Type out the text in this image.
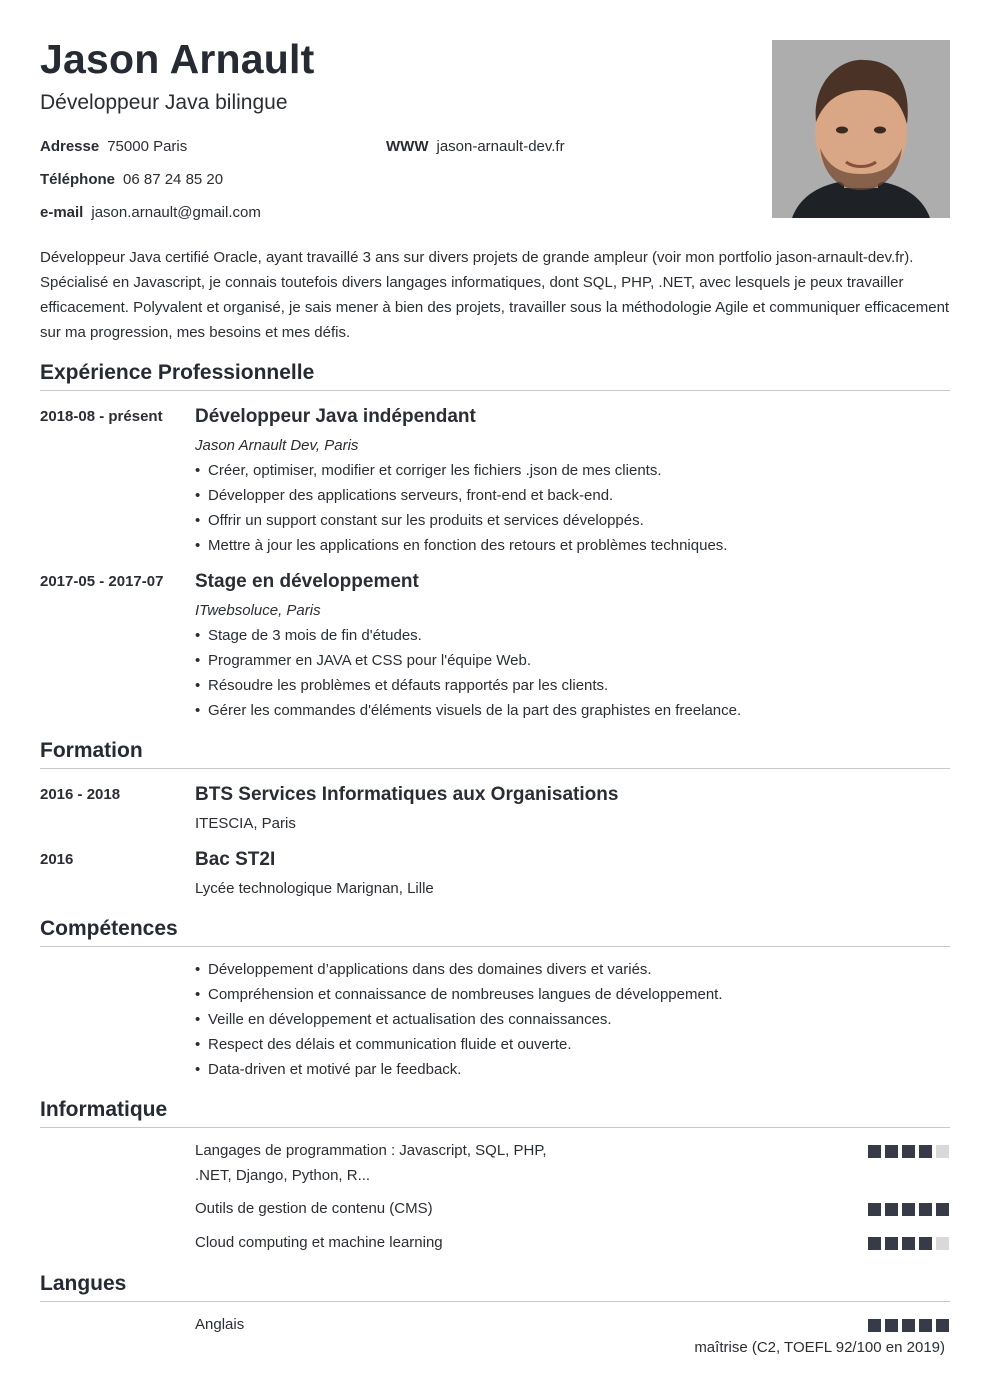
Jason Arnault
Développeur Java bilingue
Adresse 75000 Paris	WWW jason-arnault-dev.fr
Téléphone 06 87 24 85 20
e-mail jason.arnault@gmail.com

Développeur Java certifié Oracle, ayant travaillé 3 ans sur divers projets de grande ampleur (voir mon portfolio jason-arnault-dev.fr). Spécialisé en Javascript, je connais toutefois divers langages informatiques, dont SQL, PHP, .NET, avec lesquels je peux travailler efficacement. Polyvalent et organisé, je sais mener à bien des projets, travailler sous la méthodologie Agile et communiquer efficacement sur ma progression, mes besoins et mes défis.

Expérience Professionnelle
2018-08 - présent Développeur Java indépendant
Jason Arnault Dev, Paris
• Créer, optimiser, modifier et corriger les fichiers .json de mes clients.
• Développer des applications serveurs, front-end et back-end.
• Offrir un support constant sur les produits et services développés.
• Mettre à jour les applications en fonction des retours et problèmes techniques.
2017-05 - 2017-07 Stage en développement
ITwebsoluce, Paris
• Stage de 3 mois de fin d'études.
• Programmer en JAVA et CSS pour l'équipe Web.
• Résoudre les problèmes et défauts rapportés par les clients.
• Gérer les commandes d'éléments visuels de la part des graphistes en freelance.
Formation
2016 - 2018	BTS Services Informatiques aux Organisations
ITESCIA, Paris
2016	Bac ST2I
Lycée technologique Marignan, Lille
Compétences
• Développement d’applications dans des domaines divers et variés.
• Compréhension et connaissance de nombreuses langues de développement.
• Veille en développement et actualisation des connaissances.
• Respect des délais et communication fluide et ouverte.
• Data-driven et motivé par le feedback.
Informatique
Langages de programmation : Javascript, SQL, PHP,
.NET, Django, Python, R...
Outils de gestion de contenu (CMS)
Cloud computing et machine learning
Langues
Anglais
maîtrise (C2, TOEFL 92/100 en 2019)
